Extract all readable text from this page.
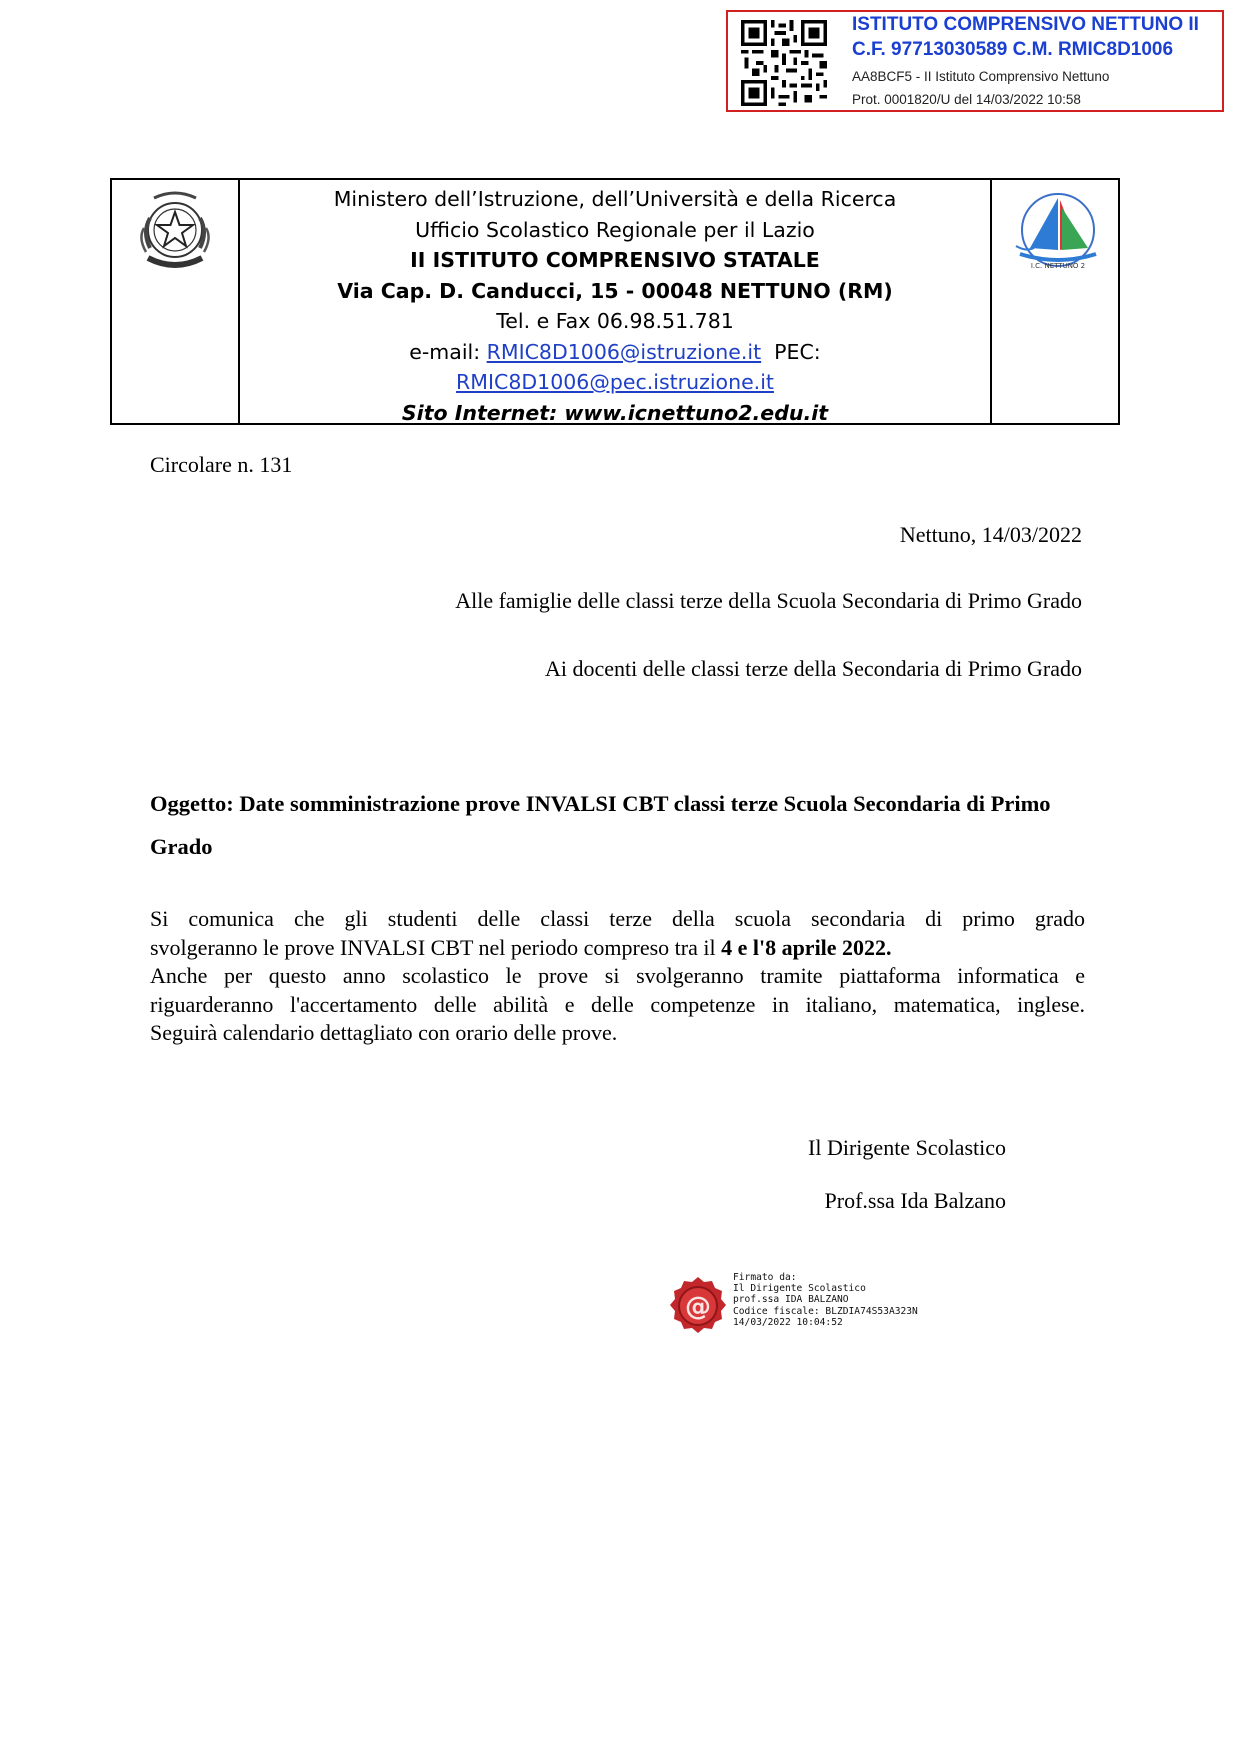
ISTITUTO COMPRENSIVO NETTUNO II
C.F. 97713030589 C.M. RMIC8D1006
AA8BCF5 - II Istituto Comprensivo Nettuno
Prot. 0001820/U del 14/03/2022 10:58
I.C. NETTUNO 2
Ministero dell’Istruzione, dell’Università e della Ricerca
Ufficio Scolastico Regionale per il Lazio
II ISTITUTO COMPRENSIVO STATALE
Via Cap. D. Canducci, 15 - 00048 NETTUNO (RM)
Tel. e Fax 06.98.51.781
e-mail: RMIC8D1006@istruzione.it  PEC:
RMIC8D1006@pec.istruzione.it
Sito Internet: www.icnettuno2.edu.it
Circolare n. 131
Nettuno, 14/03/2022
Alle famiglie delle classi terze della Scuola Secondaria di Primo Grado
Ai docenti delle classi terze della Secondaria di Primo Grado
Oggetto: Date somministrazione prove INVALSI CBT classi terze Scuola Secondaria di Primo Grado
Si comunica che gli studenti delle classi terze della scuola secondaria di primo grado
svolgeranno le prove INVALSI CBT nel periodo compreso tra il 4 e l'8 aprile 2022.
Anche per questo anno scolastico le prove si svolgeranno tramite piattaforma informatica e
riguarderanno l'accertamento delle abilità e delle competenze in italiano, matematica, inglese.
Seguirà calendario dettagliato con orario delle prove.
Il Dirigente Scolastico
Prof.ssa Ida Balzano
@
Firmato da:
Il Dirigente Scolastico
prof.ssa IDA BALZANO
Codice fiscale: BLZDIA74S53A323N
14/03/2022 10:04:52
